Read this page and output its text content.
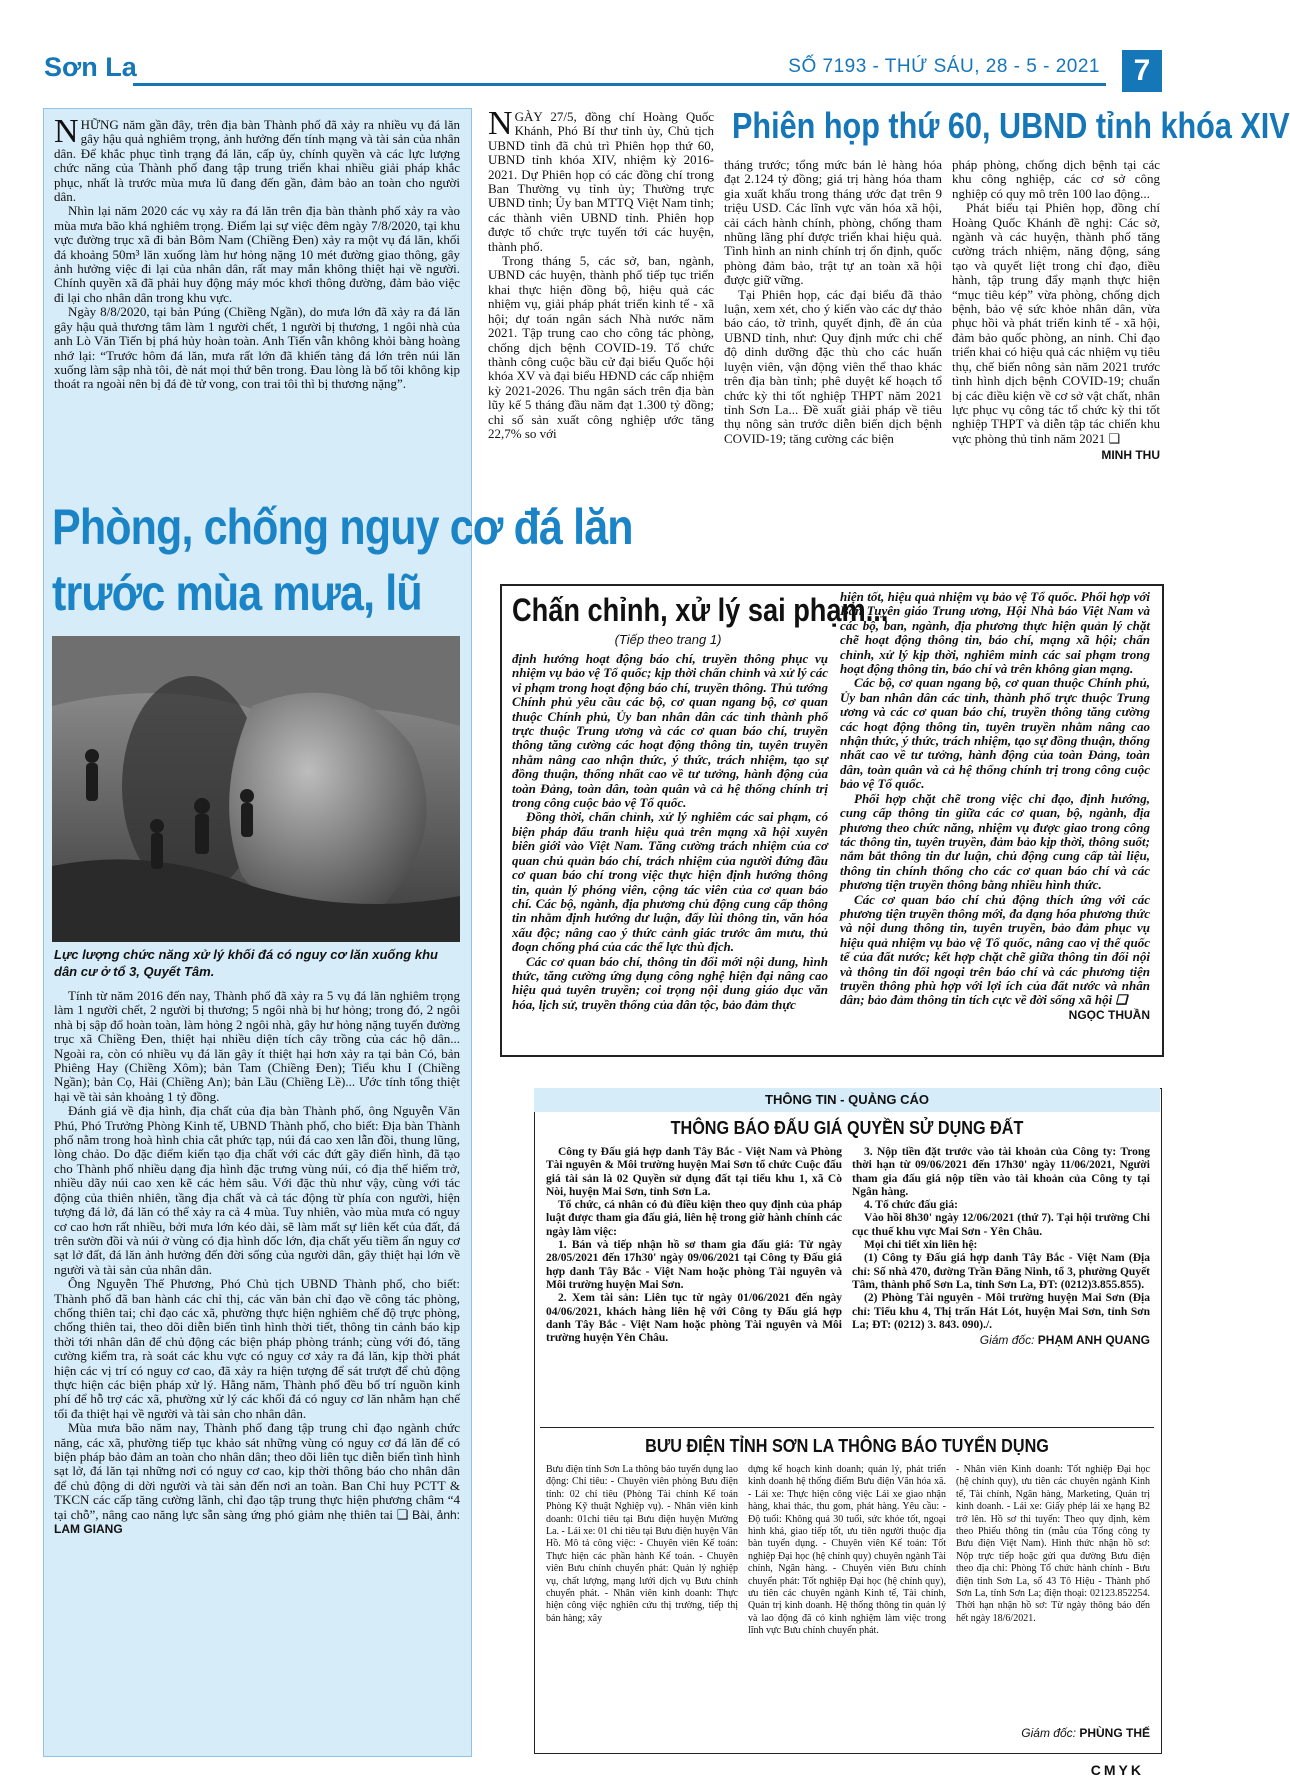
Sơn La	SỐ 7193 - THỨ SÁU, 28 - 5 - 2021	7

NHỮNG năm gần đây, trên địa bàn Thành phố đã xảy ra nhiều vụ đá lăn gây hậu quả nghiêm trọng, ảnh hưởng đến tính mạng và tài sản của nhân dân. Để khắc phục tình trạng đá lăn, cấp ủy, chính quyền và các lực lượng chức năng của Thành phố đang tập trung triển khai nhiều giải pháp khắc phục, nhất là trước mùa mưa lũ đang đến gần, đảm bảo an toàn cho người dân.

Nhìn lại năm 2020 các vụ xảy ra đá lăn trên địa bàn thành phố xảy ra vào mùa mưa bão khá nghiêm trọng. Điểm lại sự việc đêm ngày 7/8/2020, tại khu vực đường trục xã đi bản Bôm Nam (Chiềng Đen) xảy ra một vụ đá lăn, khối đá khoảng 50m³ lăn xuống làm hư hỏng nặng 10 mét đường giao thông, gây ảnh hưởng việc đi lại của nhân dân, rất may mắn không thiệt hại về người. Chính quyền xã đã phải huy động máy móc khơi thông đường, đảm bảo việc đi lại cho nhân dân trong khu vực.

Ngày 8/8/2020, tại bản Púng (Chiềng Ngần), do mưa lớn đã xảy ra đá lăn gây hậu quả thương tâm làm 1 người chết, 1 người bị thương, 1 ngôi nhà của anh Lò Văn Tiến bị phá hủy hoàn toàn. Anh Tiến vẫn không khỏi bàng hoàng nhớ lại: “Trước hôm đá lăn, mưa rất lớn đã khiến tảng đá lớn trên núi lăn xuống làm sập nhà tôi, đè nát mọi thứ bên trong. Đau lòng là bố tôi không kịp thoát ra ngoài nên bị đá đè tử vong, con trai tôi thì bị thương nặng”.

Phòng, chống nguy cơ đá lăn
trước mùa mưa, lũ
Lực lượng chức năng xử lý khối đá có nguy cơ lăn xuống khu dân cư ở tổ 3, Quyết Tâm.

Tính từ năm 2016 đến nay, Thành phố đã xảy ra 5 vụ đá lăn nghiêm trọng làm 1 người chết, 2 người bị thương; 5 ngôi nhà bị hư hỏng; trong đó, 2 ngôi nhà bị sập đổ hoàn toàn, làm hỏng 2 ngôi nhà, gây hư hỏng nặng tuyến đường trục xã Chiềng Đen, thiệt hại nhiều diện tích cây trồng của các hộ dân... Ngoài ra, còn có nhiều vụ đá lăn gây ít thiệt hại hơn xảy ra tại bản Có, bản Phiêng Hay (Chiềng Xôm); bản Tam (Chiềng Đen); Tiểu khu I (Chiềng Ngần); bản Cọ, Hải (Chiềng An); bản Lầu (Chiềng Lề)... Ước tính tổng thiệt hại về tài sản khoảng 1 tỷ đồng.

Đánh giá về địa hình, địa chất của địa bàn Thành phố, ông Nguyễn Văn Phú, Phó Trưởng Phòng Kinh tế, UBND Thành phố, cho biết: Địa bàn Thành phố nằm trong hoà hình chia cắt phức tạp, núi đá cao xen lẫn đồi, thung lũng, lòng chảo. Do đặc điểm kiến tạo địa chất với các đứt gãy điển hình, đã tạo cho Thành phố nhiều dạng địa hình đặc trưng vùng núi, có địa thế hiểm trở, nhiều dãy núi cao xen kẽ các hẻm sâu. Với đặc thù như vậy, cùng với tác động của thiên nhiên, tầng địa chất và cả tác động từ phía con người, hiện tượng đá lở, đá lăn có thể xảy ra cả 4 mùa. Tuy nhiên, vào mùa mưa có nguy cơ cao hơn rất nhiều, bởi mưa lớn kéo dài, sẽ làm mất sự liên kết của đất, đá trên sườn đồi và núi ở vùng có địa hình dốc lớn, địa chất yếu tiềm ẩn nguy cơ sạt lở đất, đá lăn ảnh hưởng đến đời sống của người dân, gây thiệt hại lớn về người và tài sản của nhân dân.

Ông Nguyễn Thế Phương, Phó Chủ tịch UBND Thành phố, cho biết: Thành phố đã ban hành các chỉ thị, các văn bản chỉ đạo về công tác phòng, chống thiên tai; chỉ đạo các xã, phường thực hiện nghiêm chế độ trực phòng, chống thiên tai, theo dõi diễn biến tình hình thời tiết, thông tin cảnh báo kịp thời tới nhân dân để chủ động các biện pháp phòng tránh; cùng với đó, tăng cường kiểm tra, rà soát các khu vực có nguy cơ xảy ra đá lăn, kịp thời phát hiện các vị trí có nguy cơ cao, đã xảy ra hiện tượng để sát trượt để chủ động thực hiện các biện pháp xử lý. Hằng năm, Thành phố đều bố trí nguồn kinh phí để hỗ trợ các xã, phường xử lý các khối đá có nguy cơ lăn nhằm hạn chế tối đa thiệt hại về người và tài sản cho nhân dân.

Mùa mưa bão năm nay, Thành phố đang tập trung chỉ đạo ngành chức năng, các xã, phường tiếp tục khảo sát những vùng có nguy cơ đá lăn để có biện pháp bảo đảm an toàn cho nhân dân; theo dõi liên tục diễn biến tình hình sạt lở, đá lăn tại những nơi có nguy cơ cao, kịp thời thông báo cho nhân dân để chủ động di dời người và tài sản đến nơi an toàn. Ban Chỉ huy PCTT & TKCN các cấp tăng cường lãnh, chỉ đạo tập trung thực hiện phương châm “4 tại chỗ”, nâng cao năng lực sẵn sàng ứng phó giảm nhẹ thiên tai ❑ Bài, ảnh: LAM GIANG

Phiên họp thứ 60, UBND tỉnh khóa XIV

NGÀY 27/5, đồng chí Hoàng Quốc Khánh, Phó Bí thư tỉnh ủy, Chủ tịch UBND tỉnh đã chủ trì Phiên họp thứ 60, UBND tỉnh khóa XIV, nhiệm kỳ 2016-2021. Dự Phiên họp có các đồng chí trong Ban Thường vụ tỉnh ủy; Thường trực UBND tỉnh; Ủy ban MTTQ Việt Nam tỉnh; các thành viên UBND tỉnh. Phiên họp được tổ chức trực tuyến tới các huyện, thành phố.

Trong tháng 5, các sở, ban, ngành, UBND các huyện, thành phố tiếp tục triển khai thực hiện đồng bộ, hiệu quả các nhiệm vụ, giải pháp phát triển kinh tế - xã hội; dự toán ngân sách Nhà nước năm 2021. Tập trung cao cho công tác phòng, chống dịch bệnh COVID-19. Tổ chức thành công cuộc bầu cử đại biểu Quốc hội khóa XV và đại biểu HĐND các cấp nhiệm kỳ 2021-2026. Thu ngân sách trên địa bàn lũy kế 5 tháng đầu năm đạt 1.300 tỷ đồng; chỉ số sản xuất công nghiệp ước tăng 22,7% so với

tháng trước; tổng mức bán lẻ hàng hóa đạt 2.124 tỷ đồng; giá trị hàng hóa tham gia xuất khẩu trong tháng ước đạt trên 9 triệu USD. Các lĩnh vực văn hóa xã hội, cải cách hành chính, phòng, chống tham nhũng lãng phí được triển khai hiệu quả. Tình hình an ninh chính trị ổn định, quốc phòng đảm bảo, trật tự an toàn xã hội được giữ vững.

Tại Phiên họp, các đại biểu đã thảo luận, xem xét, cho ý kiến vào các dự thảo báo cáo, tờ trình, quyết định, đề án của UBND tỉnh, như: Quy định mức chi chế độ dinh dưỡng đặc thù cho các huấn luyện viên, vận động viên thể thao khác trên địa bàn tỉnh; phê duyệt kế hoạch tổ chức kỳ thi tốt nghiệp THPT năm 2021 tỉnh Sơn La... Đề xuất giải pháp về tiêu thụ nông sản trước diễn biến dịch bệnh COVID-19; tăng cường các biện

pháp phòng, chống dịch bệnh tại các khu công nghiệp, các cơ sở công nghiệp có quy mô trên 100 lao động...

Phát biểu tại Phiên họp, đồng chí Hoàng Quốc Khánh đề nghị: Các sở, ngành và các huyện, thành phố tăng cường trách nhiệm, năng động, sáng tạo và quyết liệt trong chỉ đạo, điều hành, tập trung đẩy mạnh thực hiện “mục tiêu kép” vừa phòng, chống dịch bệnh, bảo vệ sức khỏe nhân dân, vừa phục hồi và phát triển kinh tế - xã hội, đảm bảo quốc phòng, an ninh. Chỉ đạo triển khai có hiệu quả các nhiệm vụ tiêu thụ, chế biến nông sản năm 2021 trước tình hình dịch bệnh COVID-19; chuẩn bị các điều kiện về cơ sở vật chất, nhân lực phục vụ công tác tổ chức kỳ thi tốt nghiệp THPT và diễn tập tác chiến khu vực phòng thủ tỉnh năm 2021 ❑

MINH THU
Chấn chỉnh, xử lý sai phạm...
(Tiếp theo trang 1)

định hướng hoạt động báo chí, truyền thông phục vụ nhiệm vụ bảo vệ Tổ quốc; kịp thời chấn chỉnh và xử lý các vi phạm trong hoạt động báo chí, truyền thông. Thủ tướng Chính phủ yêu cầu các bộ, cơ quan ngang bộ, cơ quan thuộc Chính phủ, Ủy ban nhân dân các tỉnh thành phố trực thuộc Trung ương và các cơ quan báo chí, truyền thông tăng cường các hoạt động thông tin, tuyên truyền nhằm nâng cao nhận thức, ý thức, trách nhiệm, tạo sự đồng thuận, thống nhất cao về tư tưởng, hành động của toàn Đảng, toàn dân, toàn quân và cả hệ thống chính trị trong công cuộc bảo vệ Tổ quốc.

Đồng thời, chấn chỉnh, xử lý nghiêm các sai phạm, có biện pháp đấu tranh hiệu quả trên mạng xã hội xuyên biên giới vào Việt Nam. Tăng cường trách nhiệm của cơ quan chủ quản báo chí, trách nhiệm của người đứng đầu cơ quan báo chí trong việc thực hiện định hướng thông tin, quản lý phóng viên, cộng tác viên của cơ quan báo chí. Các bộ, ngành, địa phương chủ động cung cấp thông tin nhằm định hướng dư luận, đẩy lùi thông tin, văn hóa xấu độc; nâng cao ý thức cảnh giác trước âm mưu, thủ đoạn chống phá của các thế lực thù địch.

Các cơ quan báo chí, thông tin đổi mới nội dung, hình thức, tăng cường ứng dụng công nghệ hiện đại nâng cao hiệu quả tuyên truyền; coi trọng nội dung giáo dục văn hóa, lịch sử, truyền thống của dân tộc, bảo đảm thực

hiện tốt, hiệu quả nhiệm vụ bảo vệ Tổ quốc. Phối hợp với Ban Tuyên giáo Trung ương, Hội Nhà báo Việt Nam và các bộ, ban, ngành, địa phương thực hiện quản lý chặt chẽ hoạt động thông tin, báo chí, mạng xã hội; chấn chỉnh, xử lý kịp thời, nghiêm minh các sai phạm trong hoạt động thông tin, báo chí và trên không gian mạng.

Các bộ, cơ quan ngang bộ, cơ quan thuộc Chính phủ, Ủy ban nhân dân các tỉnh, thành phố trực thuộc Trung ương và các cơ quan báo chí, truyền thông tăng cường các hoạt động thông tin, tuyên truyền nhằm nâng cao nhận thức, ý thức, trách nhiệm, tạo sự đồng thuận, thống nhất cao về tư tưởng, hành động của toàn Đảng, toàn dân, toàn quân và cả hệ thống chính trị trong công cuộc bảo vệ Tổ quốc.

Phối hợp chặt chẽ trong việc chỉ đạo, định hướng, cung cấp thông tin giữa các cơ quan, bộ, ngành, địa phương theo chức năng, nhiệm vụ được giao trong công tác thông tin, tuyên truyền, đảm bảo kịp thời, thông suốt; nắm bắt thông tin dư luận, chủ động cung cấp tài liệu, thông tin chính thống cho các cơ quan báo chí và các phương tiện truyền thông bằng nhiều hình thức.

Các cơ quan báo chí chủ động thích ứng với các phương tiện truyền thông mới, đa dạng hóa phương thức và nội dung thông tin, tuyên truyền, bảo đảm phục vụ hiệu quả nhiệm vụ bảo vệ Tổ quốc, nâng cao vị thế quốc tế của đất nước; kết hợp chặt chẽ giữa thông tin đối nội và thông tin đối ngoại trên báo chí và các phương tiện truyền thông phù hợp với lợi ích của đất nước và nhân dân; bảo đảm thông tin tích cực về đời sống xã hội ❑
NGỌC THUẦN

THÔNG TIN - QUẢNG CÁO
THÔNG BÁO ĐẤU GIÁ QUYỀN SỬ DỤNG ĐẤT

Công ty Đấu giá hợp danh Tây Bắc - Việt Nam và Phòng Tài nguyên & Môi trường huyện Mai Sơn tổ chức Cuộc đấu giá tài sản là 02 Quyền sử dụng đất tại tiểu khu 1, xã Cò Nòi, huyện Mai Sơn, tỉnh Sơn La.

Tổ chức, cá nhân có đủ điều kiện theo quy định của pháp luật được tham gia đấu giá, liên hệ trong giờ hành chính các ngày làm việc:

1. Bán và tiếp nhận hồ sơ tham gia đấu giá: Từ ngày 28/05/2021 đến 17h30' ngày 09/06/2021 tại Công ty Đấu giá hợp danh Tây Bắc - Việt Nam hoặc phòng Tài nguyên và Môi trường huyện Mai Sơn.

2. Xem tài sản: Liên tục từ ngày 01/06/2021 đến ngày 04/06/2021, khách hàng liên hệ với Công ty Đấu giá hợp danh Tây Bắc - Việt Nam hoặc phòng Tài nguyên và Môi trường huyện Yên Châu.

3. Nộp tiền đặt trước vào tài khoản của Công ty: Trong thời hạn từ 09/06/2021 đến 17h30' ngày 11/06/2021, Người tham gia đấu giá nộp tiền vào tài khoản của Công ty tại Ngân hàng.

4. Tổ chức đấu giá:

Vào hồi 8h30' ngày 12/06/2021 (thứ 7). Tại hội trường Chi cục thuế khu vực Mai Sơn - Yên Châu.

Mọi chi tiết xin liên hệ:

(1) Công ty Đấu giá hợp danh Tây Bắc - Việt Nam (Địa chỉ: Số nhà 470, đường Trần Đăng Ninh, tổ 3, phường Quyết Tâm, thành phố Sơn La, tỉnh Sơn La, ĐT: (0212)3.855.855).

(2) Phòng Tài nguyên - Môi trường huyện Mai Sơn (Địa chỉ: Tiểu khu 4, Thị trấn Hát Lót, huyện Mai Sơn, tỉnh Sơn La; ĐT: (0212) 3. 843. 090)./.

Giám đốc: PHẠM ANH QUANG
BƯU ĐIỆN TỈNH SƠN LA THÔNG BÁO TUYỂN DỤNG
Bưu điện tỉnh Sơn La thông báo tuyển dụng lao động: Chỉ tiêu: - Chuyên viên phòng Bưu điện tỉnh: 02 chỉ tiêu (Phòng Tài chính Kế toán Phòng Kỹ thuật Nghiệp vụ). - Nhân viên kinh doanh: 01chỉ tiêu tại Bưu điện huyện Mường La. - Lái xe: 01 chỉ tiêu tại Bưu điện huyện Vân Hồ. Mô tả công việc: - Chuyên viên Kế toán: Thực hiện các phần hành Kế toán. - Chuyên viên Bưu chính chuyển phát: Quản lý nghiệp vụ, chất lượng, mạng lưới dịch vụ Bưu chính chuyển phát. - Nhân viên kinh doanh: Thực hiện công việc nghiên cứu thị trường, tiếp thị bán hàng; xây
dựng kế hoạch kinh doanh; quản lý, phát triển kinh doanh hệ thống điểm Bưu điện Văn hóa xã. - Lái xe: Thực hiện công việc Lái xe giao nhận hàng, khai thác, thu gom, phát hàng. Yêu cầu: - Độ tuổi: Không quá 30 tuổi, sức khỏe tốt, ngoại hình khá, giao tiếp tốt, ưu tiên người thuộc địa bàn tuyển dụng. - Chuyên viên Kế toán: Tốt nghiệp Đại học (hệ chính quy) chuyên ngành Tài chính, Ngân hàng. - Chuyên viên Bưu chính chuyển phát: Tốt nghiệp Đại học (hệ chính quy), ưu tiên các chuyên ngành Kinh tế, Tài chính, Quản trị kinh doanh. Hệ thống thông tin quản lý và lao động đã có kinh nghiệm làm việc trong lĩnh vực Bưu chính chuyển phát.
- Nhân viên Kinh doanh: Tốt nghiệp Đại học (hệ chính quy), ưu tiên các chuyên ngành Kinh tế, Tài chính, Ngân hàng, Marketing, Quản trị kinh doanh. - Lái xe: Giấy phép lái xe hạng B2 trở lên. Hồ sơ thi tuyển: Theo quy định, kèm theo Phiếu thông tin (mẫu của Tổng công ty Bưu điện Việt Nam). Hình thức nhận hồ sơ: Nộp trực tiếp hoặc gửi qua đường Bưu điện theo địa chỉ: Phòng Tổ chức hành chính - Bưu điện tỉnh Sơn La, số 43 Tô Hiệu - Thành phố Sơn La, tỉnh Sơn La; điện thoại: 02123.852254. Thời hạn nhận hồ sơ: Từ ngày thông báo đến hết ngày 18/6/2021.
Giám đốc: PHÙNG THẾ
CMYK
